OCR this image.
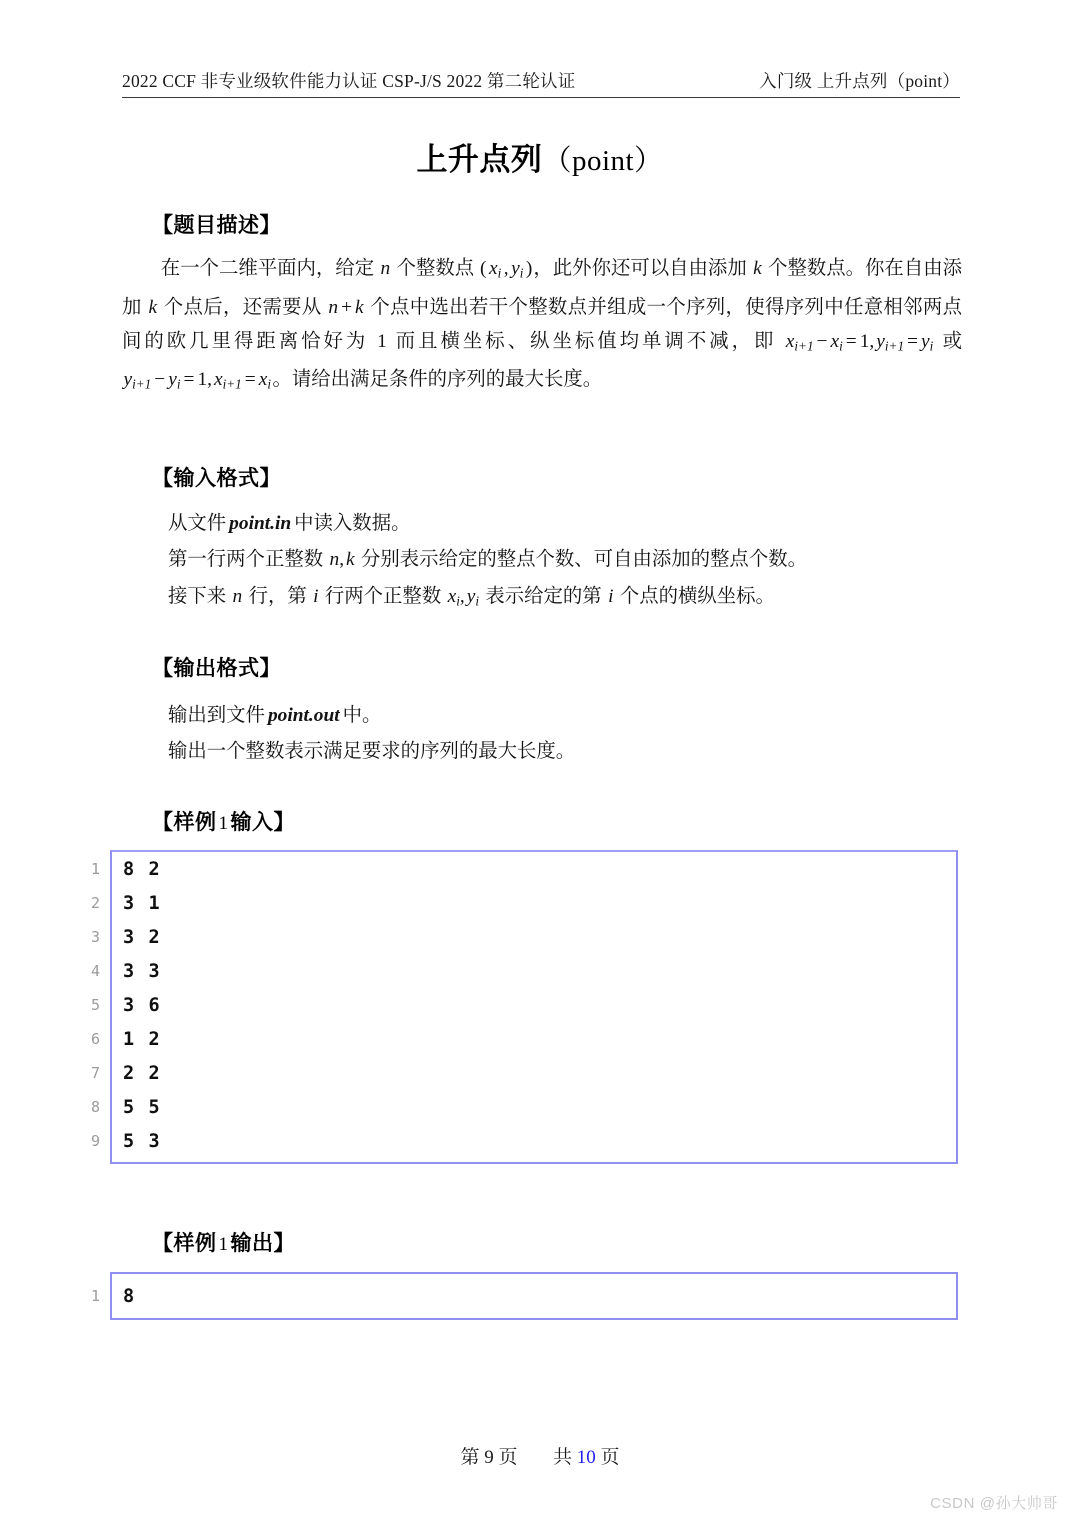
2022 CCF 非专业级软件能力认证 CSP-J/S 2022 第二轮认证	入门级 上升点列（point）
上升点列（point）
【题目描述】
在一个二维平面内，给定 n 个整数点 ( $x_i$ , $y_i$ )，此外你还可以自由添加 k 个整数点。你在自由添加 k 个点后，还需要从 n + k 个点中选出若干个整数点并组成一个序列，使得序列中任意相邻两点间的欧几里得距离恰好为 1 而且横坐标、纵坐标值均单调不减，即 $x_{i+1} - x_i = 1$, $y_{i+1} = y_i$ 或 $y_{i+1} - y_i = 1$, $x_{i+1} = x_i$。请给出满足条件的序列的最大长度。
【输入格式】
从文件 point.in 中读入数据。
第一行两个正整数 n, k 分别表示给定的整点个数、可自由添加的整点个数。
接下来 n 行，第 i 行两个正整数 $x_i$, $y_i$ 表示给定的第 i 个点的横纵坐标。
【输出格式】
输出到文件 point.out 中。
输出一个整数表示满足要求的序列的最大长度。
【样例 1输入】
1	8 2
2	3 1
3	3 2
4	3 3
5	3 6
6	1 2
7	2 2
8	5 5
9	5 3
【样例 1输出】
1	8
第 9 页 共 10 页
CSDN @孙大帅哥
